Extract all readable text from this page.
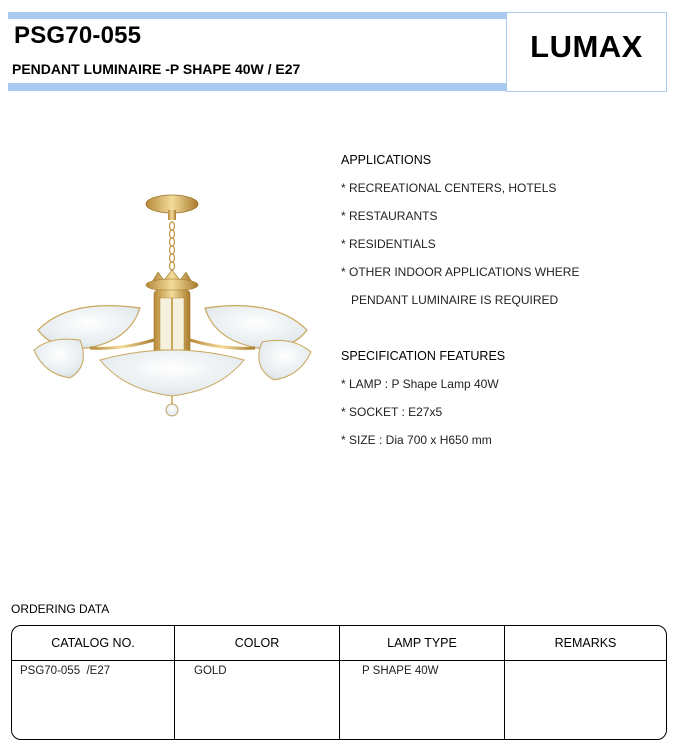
PSG70-055
PENDANT LUMINAIRE -P SHAPE 40W / E27
LUMAX
APPLICATIONS
* RECREATIONAL CENTERS, HOTELS
* RESTAURANTS
* RESIDENTIALS
* OTHER INDOOR APPLICATIONS WHERE
PENDANT LUMINAIRE IS REQUIRED
SPECIFICATION FEATURES
* LAMP : P Shape Lamp 40W
* SOCKET : E27x5
* SIZE : Dia 700 x H650 mm
ORDERING DATA
CATALOG NO.	COLOR	LAMP TYPE	REMARKS
PSG70-055  /E27	GOLD	P SHAPE 40W
